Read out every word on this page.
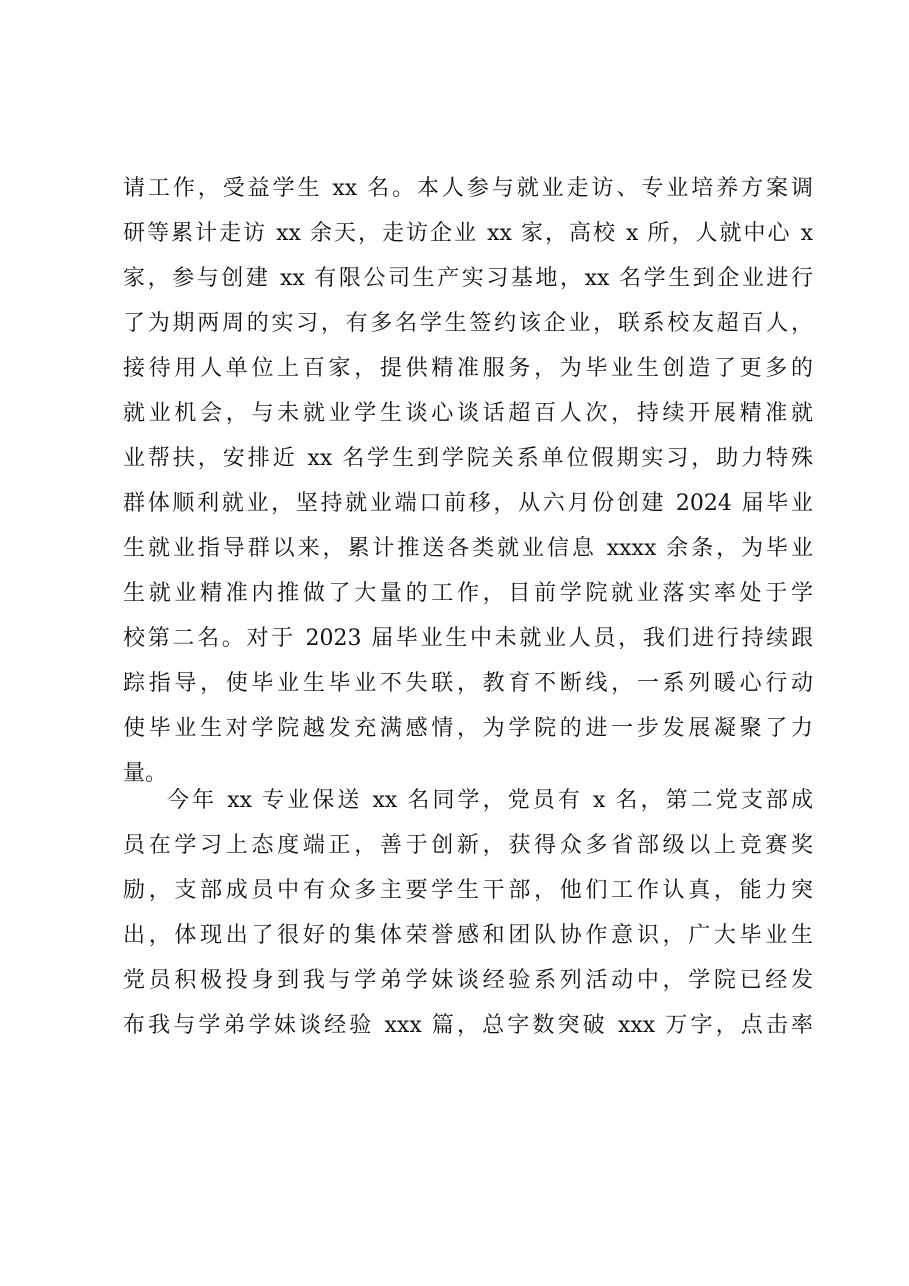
请工作，受益学生 xx 名。本人参与就业走访、专业培养方案调
研等累计走访 xx 余天，走访企业 xx 家，高校 x 所，人就中心 x
家，参与创建 xx 有限公司生产实习基地，xx 名学生到企业进行
了为期两周的实习，有多名学生签约该企业，联系校友超百人，
接待用人单位上百家，提供精准服务，为毕业生创造了更多的
就业机会，与未就业学生谈心谈话超百人次，持续开展精准就
业帮扶，安排近 xx 名学生到学院关系单位假期实习，助力特殊
群体顺利就业，坚持就业端口前移，从六月份创建 2024 届毕业
生就业指导群以来，累计推送各类就业信息 xxxx 余条，为毕业
生就业精准内推做了大量的工作，目前学院就业落实率处于学
校第二名。对于 2023 届毕业生中未就业人员，我们进行持续跟
踪指导，使毕业生毕业不失联，教育不断线，一系列暖心行动
使毕业生对学院越发充满感情，为学院的进一步发展凝聚了力
量。
今年 xx 专业保送 xx 名同学，党员有 x 名，第二党支部成
员在学习上态度端正，善于创新，获得众多省部级以上竞赛奖
励，支部成员中有众多主要学生干部，他们工作认真，能力突
出，体现出了很好的集体荣誉感和团队协作意识，广大毕业生
党员积极投身到我与学弟学妹谈经验系列活动中，学院已经发
布我与学弟学妹谈经验 xxx 篇，总字数突破 xxx 万字，点击率
